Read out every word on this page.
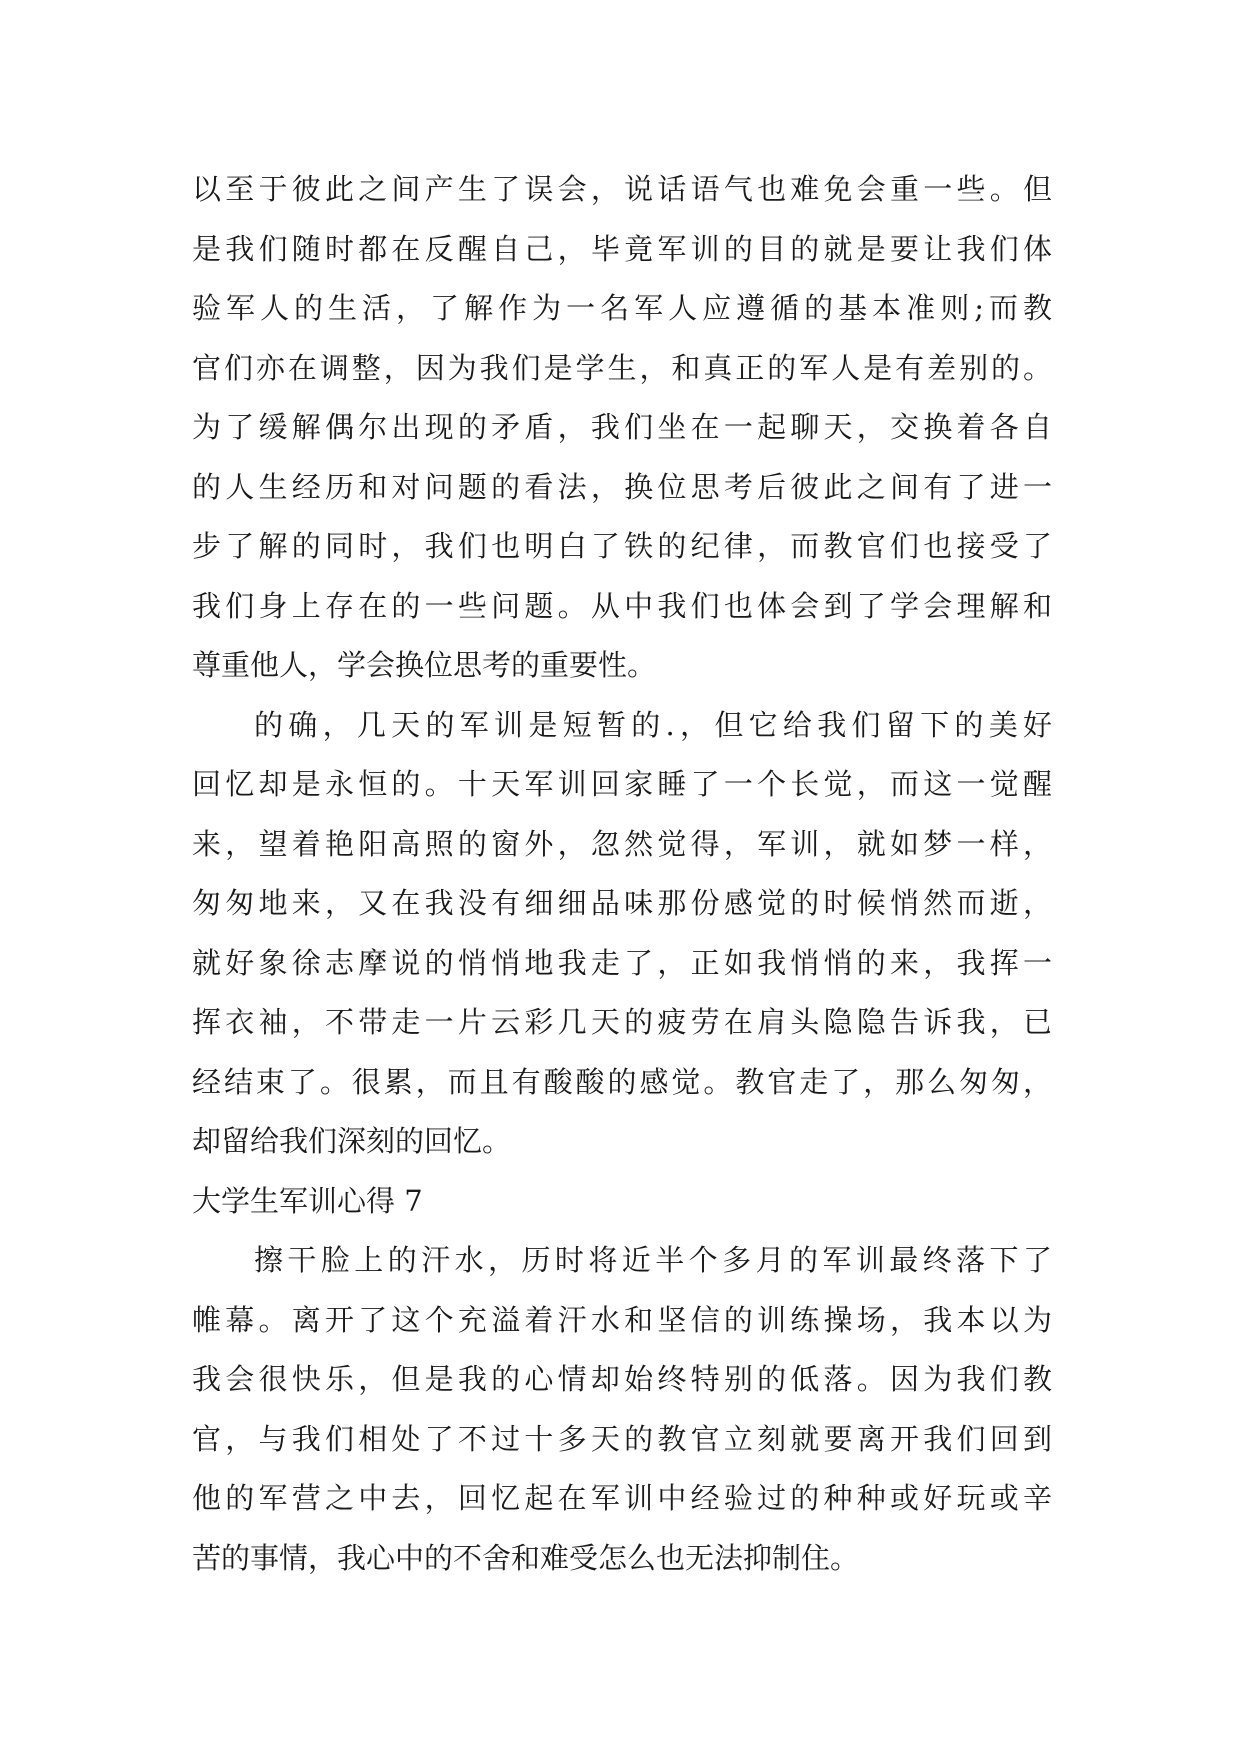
以至于彼此之间产生了误会，说话语气也难免会重一些。但
是我们随时都在反醒自己，毕竟军训的目的就是要让我们体
验军人的生活，了解作为一名军人应遵循的基本准则;而教
官们亦在调整，因为我们是学生，和真正的军人是有差别的。
为了缓解偶尔出现的矛盾，我们坐在一起聊天，交换着各自
的人生经历和对问题的看法，换位思考后彼此之间有了进一
步了解的同时，我们也明白了铁的纪律，而教官们也接受了
我们身上存在的一些问题。从中我们也体会到了学会理解和
尊重他人，学会换位思考的重要性。
的确，几天的军训是短暂的.，但它给我们留下的美好
回忆却是永恒的。十天军训回家睡了一个长觉，而这一觉醒
来，望着艳阳高照的窗外，忽然觉得，军训，就如梦一样，
匆匆地来，又在我没有细细品味那份感觉的时候悄然而逝，
就好象徐志摩说的悄悄地我走了，正如我悄悄的来，我挥一
挥衣袖，不带走一片云彩几天的疲劳在肩头隐隐告诉我，已
经结束了。很累，而且有酸酸的感觉。教官走了，那么匆匆，
却留给我们深刻的回忆。
大学生军训心得 7
擦干脸上的汗水，历时将近半个多月的军训最终落下了
帷幕。离开了这个充溢着汗水和坚信的训练操场，我本以为
我会很快乐，但是我的心情却始终特别的低落。因为我们教
官，与我们相处了不过十多天的教官立刻就要离开我们回到
他的军营之中去，回忆起在军训中经验过的种种或好玩或辛
苦的事情，我心中的不舍和难受怎么也无法抑制住。
